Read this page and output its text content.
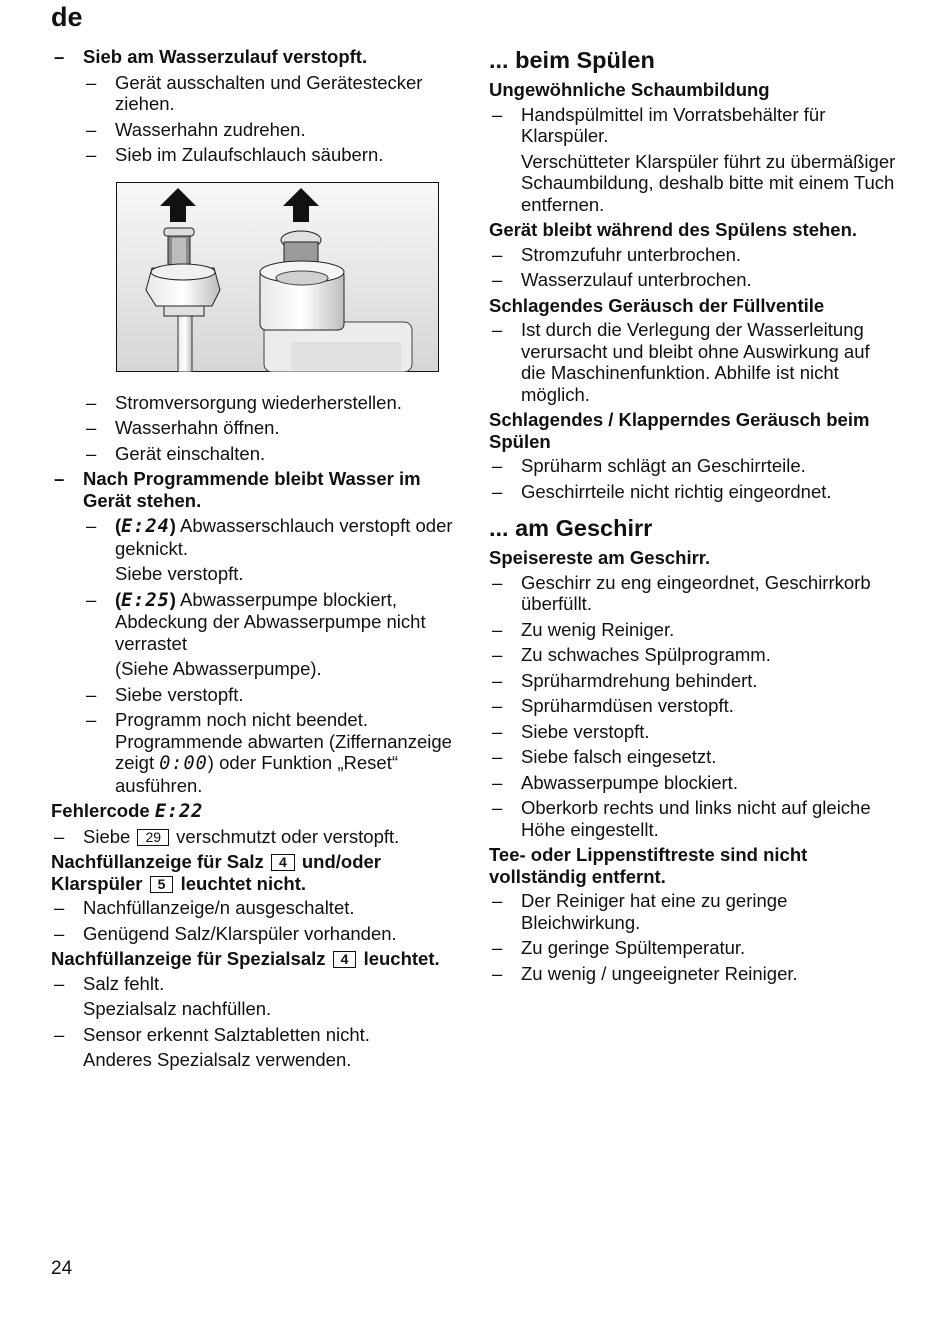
de
– Sieb am Wasserzulauf verstopft.
– Gerät ausschalten und Gerätestecker ziehen.
– Wasserhahn zudrehen.
– Sieb im Zulaufschlauch säubern.
– Stromversorgung wiederherstellen.
– Wasserhahn öffnen.
– Gerät einschalten.
– Nach Programmende bleibt Wasser im Gerät stehen.
– (E:24) Abwasserschlauch verstopft oder geknickt.
Siebe verstopft.
– (E:25) Abwasserpumpe blockiert, Abdeckung der Abwasserpumpe nicht verrastet
(Siehe Abwasserpumpe).
– Siebe verstopft.
– Programm noch nicht beendet. Programmende abwarten (Ziffernanzeige zeigt 0:00) oder Funktion „Reset“ ausführen.
Fehlercode E:22
– Siebe 29 verschmutzt oder verstopft.
Nachfüllanzeige für Salz 4 und/oder Klarspüler 5 leuchtet nicht.
– Nachfüllanzeige/n ausgeschaltet.
– Genügend Salz/Klarspüler vorhanden.
Nachfüllanzeige für Spezialsalz 4 leuchtet.
– Salz fehlt.
Spezialsalz nachfüllen.
– Sensor erkennt Salztabletten nicht.
Anderes Spezialsalz verwenden.
... beim Spülen
Ungewöhnliche Schaumbildung
– Handspülmittel im Vorratsbehälter für Klarspüler.
Verschütteter Klarspüler führt zu übermäßiger Schaumbildung, deshalb bitte mit einem Tuch entfernen.
Gerät bleibt während des Spülens stehen.
– Stromzufuhr unterbrochen.
– Wasserzulauf unterbrochen.
Schlagendes Geräusch der Füllventile
– Ist durch die Verlegung der Wasserleitung verursacht und bleibt ohne Auswirkung auf die Maschinenfunktion. Abhilfe ist nicht möglich.
Schlagendes / Klapperndes Geräusch beim Spülen
– Sprüharm schlägt an Geschirrteile.
– Geschirrteile nicht richtig eingeordnet.
... am Geschirr
Speisereste am Geschirr.
– Geschirr zu eng eingeordnet, Geschirrkorb überfüllt.
– Zu wenig Reiniger.
– Zu schwaches Spülprogramm.
– Sprüharmdrehung behindert.
– Sprüharmdüsen verstopft.
– Siebe verstopft.
– Siebe falsch eingesetzt.
– Abwasserpumpe blockiert.
– Oberkorb rechts und links nicht auf gleiche Höhe eingestellt.
Tee- oder Lippenstiftreste sind nicht vollständig entfernt.
– Der Reiniger hat eine zu geringe Bleichwirkung.
– Zu geringe Spültemperatur.
– Zu wenig / ungeeigneter Reiniger.
24
